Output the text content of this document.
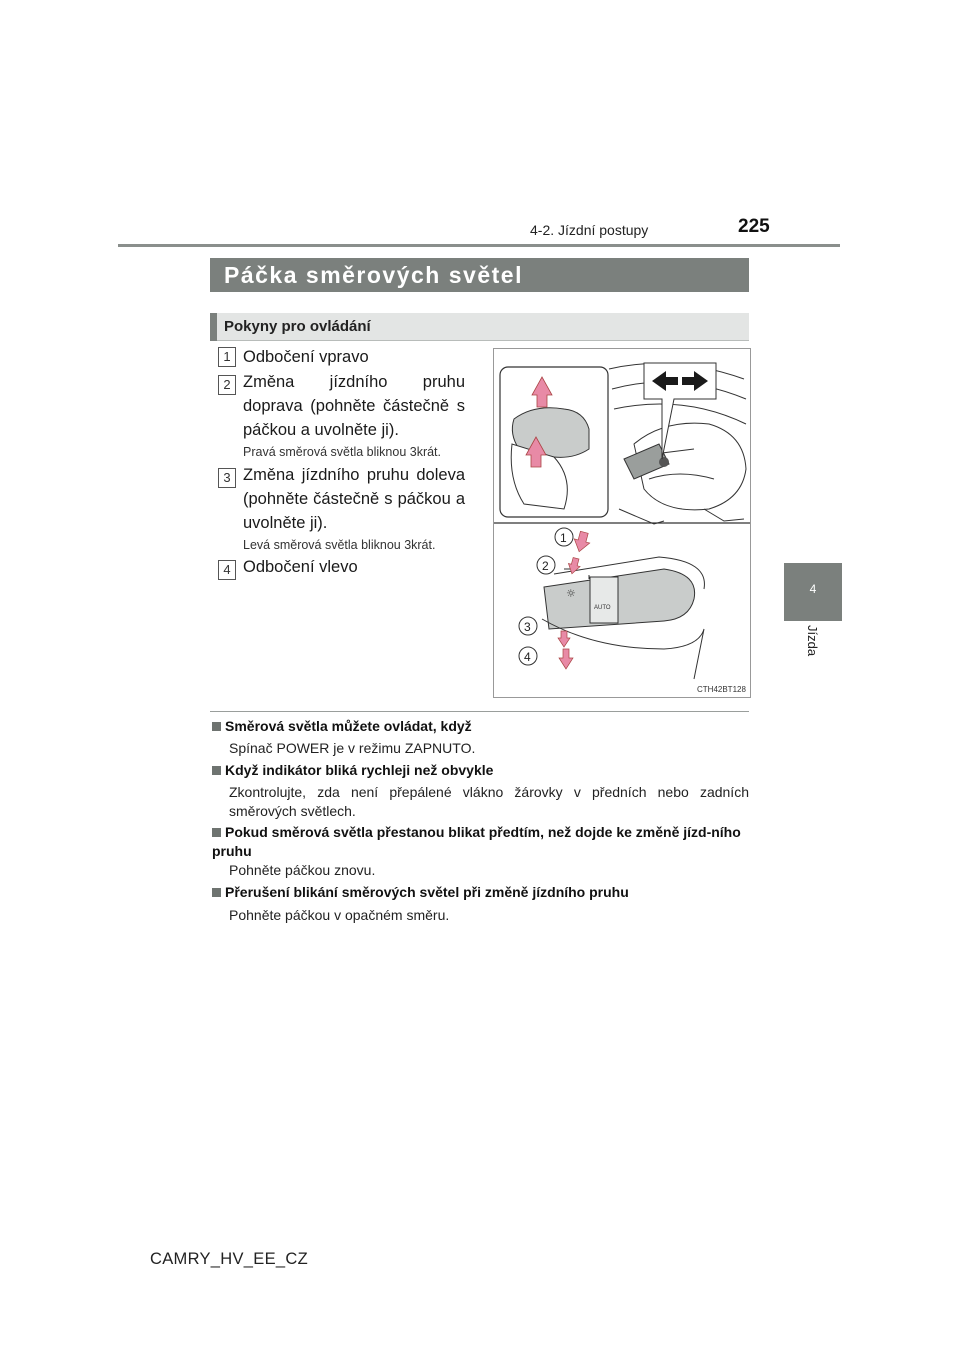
4-2. Jízdní postupy	225
4
Jízda
Páčka směrových světel
Pokyny pro ovládání
1 Odbočení vpravo
2 Změna jízdního pruhu doprava (pohněte částečně s páčkou a uvolněte ji).
Pravá směrová světla bliknou 3krát.
3 Změna jízdního pruhu doleva (pohněte částečně s páčkou a uvolněte ji).
Levá směrová světla bliknou 3krát.
4 Odbočení vlevo
☼
AUTO
1
2
3
4
CTH42BT128
Směrová světla můžete ovládat, když
Spínač POWER je v režimu ZAPNUTO.
Když indikátor bliká rychleji než obvykle
Zkontrolujte, zda není přepálené vlákno žárovky v předních nebo zadních směrových světlech.
Pokud směrová světla přestanou blikat předtím, než dojde ke změně jízd-ního pruhu
Pohněte páčkou znovu.
Přerušení blikání směrových světel při změně jízdního pruhu
Pohněte páčkou v opačném směru.
CAMRY_HV_EE_CZ
